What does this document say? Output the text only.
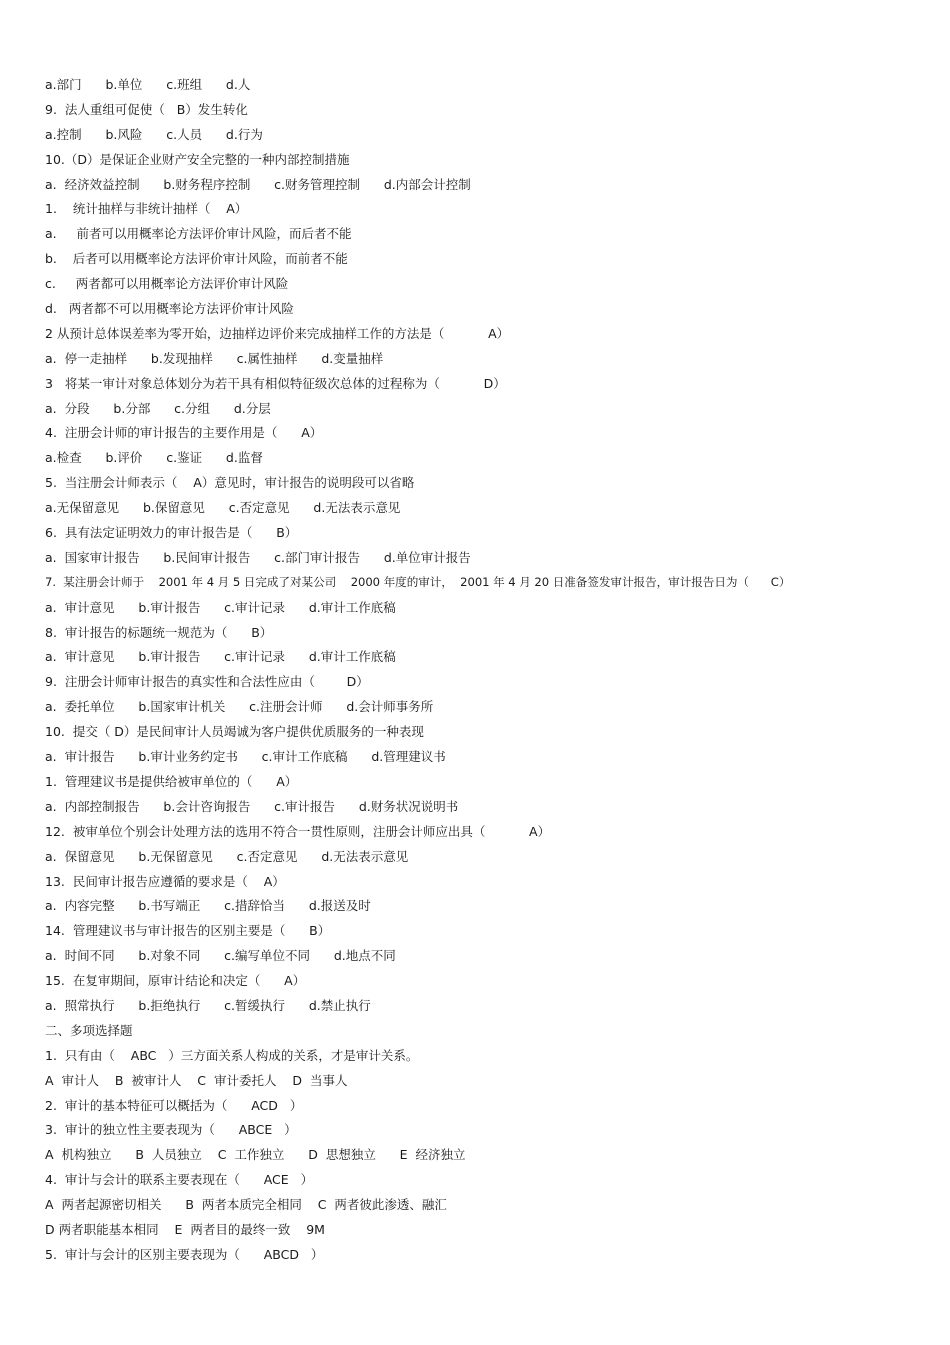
a.部门      b.单位      c.班组      d.人
9.  法人重组可促使（   B）发生转化
a.控制      b.风险      c.人员      d.行为
10.（D）是保证企业财产安全完整的一种内部控制措施
a.  经济效益控制      b.财务程序控制      c.财务管理控制      d.内部会计控制
1.    统计抽样与非统计抽样（    A）
a.     前者可以用概率论方法评价审计风险，而后者不能
b.    后者可以用概率论方法评价审计风险，而前者不能
c.     两者都可以用概率论方法评价审计风险
d.   两者都不可以用概率论方法评价审计风险
2 从预计总体误差率为零开始，边抽样边评价来完成抽样工作的方法是（           A）
a.  停一走抽样      b.发现抽样      c.属性抽样      d.变量抽样
3   将某一审计对象总体划分为若干具有相似特征级次总体的过程称为（           D）
a.  分段      b.分部      c.分组      d.分层
4.  注册会计师的审计报告的主要作用是（      A）
a.检查      b.评价      c.鉴证      d.监督
5.  当注册会计师表示（    A）意见时，审计报告的说明段可以省略
a.无保留意见      b.保留意见      c.否定意见      d.无法表示意见
6.  具有法定证明效力的审计报告是（      B）
a.  国家审计报告      b.民间审计报告      c.部门审计报告      d.单位审计报告
7.  某注册会计师于    2001 年 4 月 5 日完成了对某公司    2000 年度的审计，  2001 年 4 月 20 日准备签发审计报告，审计报告日为（      C）
a.  审计意见      b.审计报告      c.审计记录      d.审计工作底稿
8.  审计报告的标题统一规范为（      B）
a.  审计意见      b.审计报告      c.审计记录      d.审计工作底稿
9.  注册会计师审计报告的真实性和合法性应由（        D）
a.  委托单位      b.国家审计机关      c.注册会计师      d.会计师事务所
10.  提交（ D）是民间审计人员竭诚为客户提供优质服务的一种表现
a.  审计报告      b.审计业务约定书      c.审计工作底稿      d.管理建议书
1.  管理建议书是提供给被审单位的（      A）
a.  内部控制报告      b.会计咨询报告      c.审计报告      d.财务状况说明书
12.  被审单位个别会计处理方法的选用不符合一贯性原则，注册会计师应出具（           A）
a.  保留意见      b.无保留意见      c.否定意见      d.无法表示意见
13.  民间审计报告应遵循的要求是（    A）
a.  内容完整      b.书写端正      c.措辞恰当      d.报送及时
14.  管理建议书与审计报告的区别主要是（      B）
a.  时间不同      b.对象不同      c.编写单位不同      d.地点不同
15.  在复审期间，原审计结论和决定（      A）
a.  照常执行      b.拒绝执行      c.暂缓执行      d.禁止执行
二、多项选择题
1.  只有由（    ABC   ）三方面关系人构成的关系，才是审计关系。
A  审计人    B  被审计人    C  审计委托人    D  当事人
2.  审计的基本特征可以概括为（      ACD   ）
3.  审计的独立性主要表现为（      ABCE   ）
A  机构独立      B  人员独立    C  工作独立      D  思想独立      E  经济独立
4.  审计与会计的联系主要表现在（      ACE   ）
A  两者起源密切相关      B  两者本质完全相同    C  两者彼此渗透、融汇
D 两者职能基本相同    E  两者目的最终一致    9M
5.  审计与会计的区别主要表现为（      ABCD   ）
